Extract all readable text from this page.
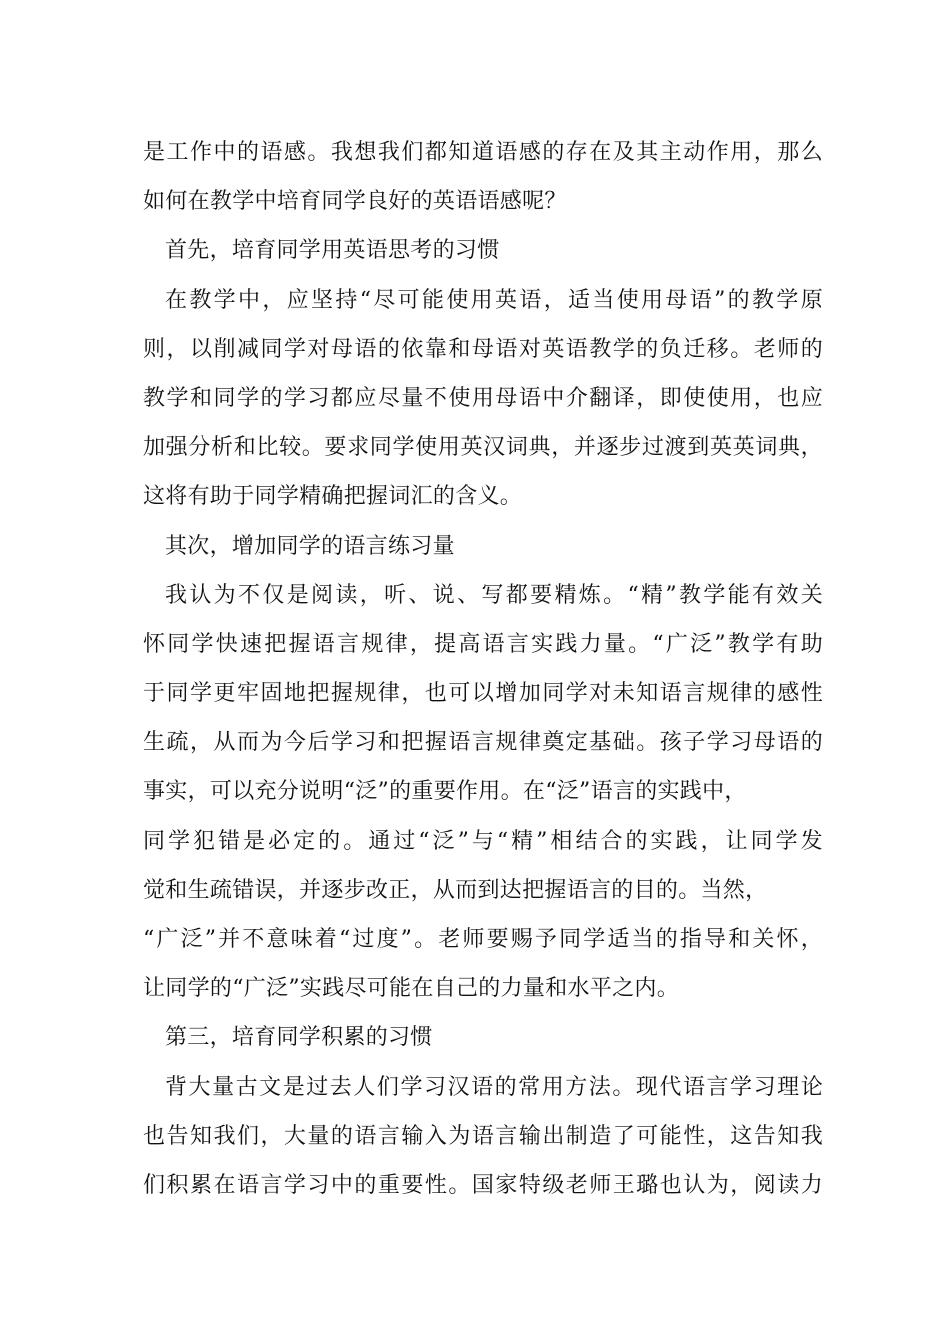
是工作中的语感。我想我们都知道语感的存在及其主动作用，那么
如何在教学中培育同学良好的英语语感呢？
首先，培育同学用英语思考的习惯
在教学中，应坚持“尽可能使用英语，适当使用母语”的教学原
则，以削减同学对母语的依靠和母语对英语教学的负迁移。老师的
教学和同学的学习都应尽量不使用母语中介翻译，即使使用，也应
加强分析和比较。要求同学使用英汉词典，并逐步过渡到英英词典，
这将有助于同学精确把握词汇的含义。
其次，增加同学的语言练习量
我认为不仅是阅读，听、说、写都要精炼。“精”教学能有效关
怀同学快速把握语言规律，提高语言实践力量。“广泛”教学有助
于同学更牢固地把握规律，也可以增加同学对未知语言规律的感性
生疏，从而为今后学习和把握语言规律奠定基础。孩子学习母语的
事实，可以充分说明“泛”的重要作用。在“泛”语言的实践中，
同学犯错是必定的。通过“泛”与“精”相结合的实践，让同学发
觉和生疏错误，并逐步改正，从而到达把握语言的目的。当然，
“广泛”并不意味着“过度”。老师要赐予同学适当的指导和关怀，
让同学的“广泛”实践尽可能在自己的力量和水平之内。
第三，培育同学积累的习惯
背大量古文是过去人们学习汉语的常用方法。现代语言学习理论
也告知我们，大量的语言输入为语言输出制造了可能性，这告知我
们积累在语言学习中的重要性。国家特级老师王璐也认为，阅读力
